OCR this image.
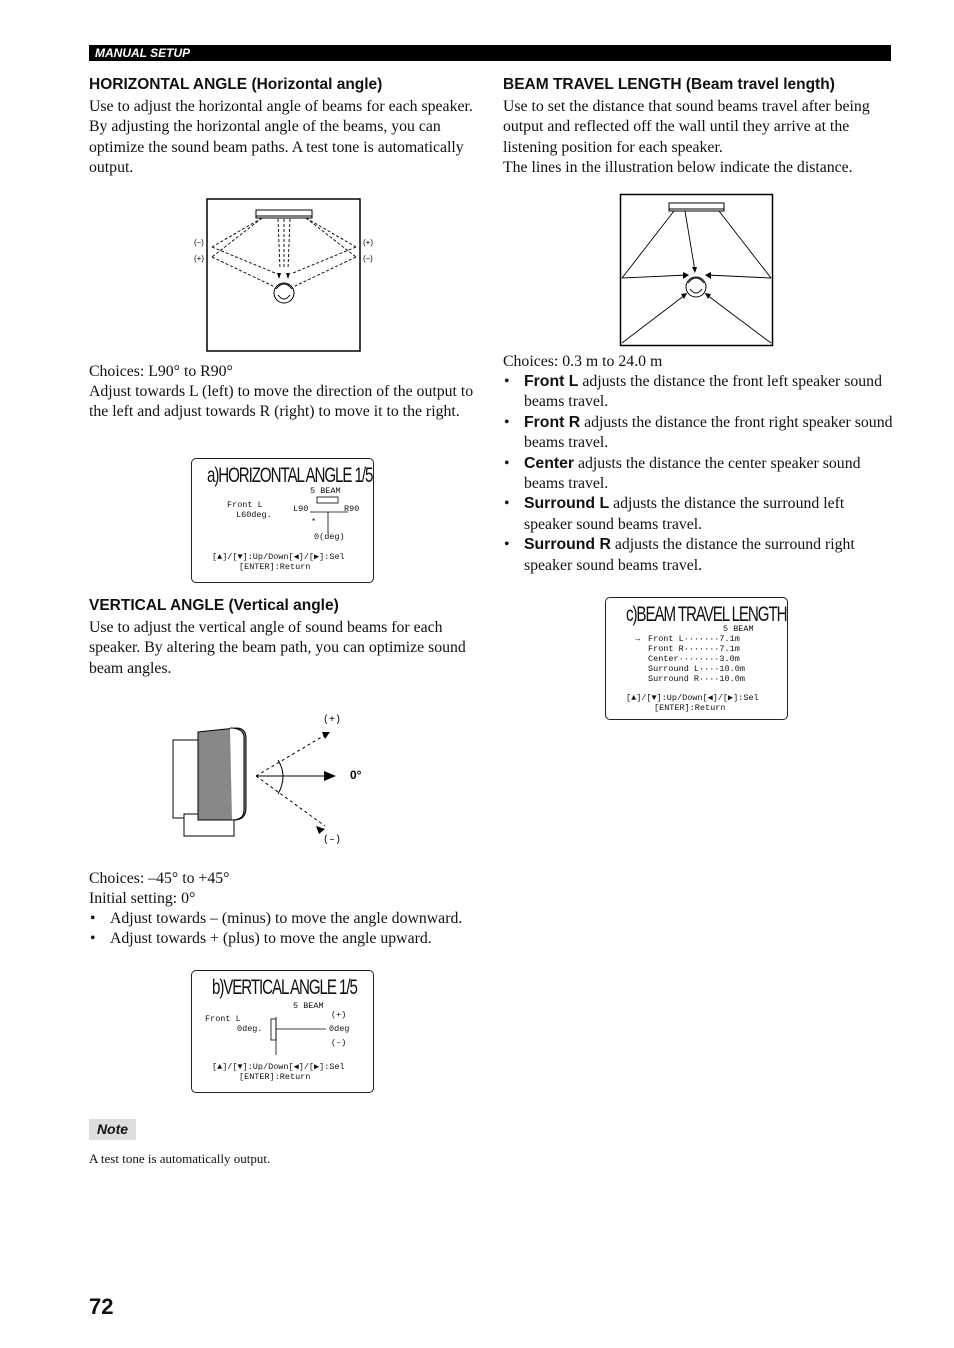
MANUAL SETUP
HORIZONTAL ANGLE (Horizontal angle)
Use to adjust the horizontal angle of beams for each speaker. By adjusting the horizontal angle of the beams, you can optimize the sound beam paths. A test tone is automatically output.
(–)
(+)
(+)
(–)
Choices: L90° to R90°
Adjust towards L (left) to move the direction of the output to the left and adjust towards R (right) to move it to the right.
a)HORIZONTAL ANGLE 1/5
5 BEAM
Front L
L60deg.
L90	R90
*
0(deg)
[▲]/[▼]:Up/Down[◀]/[▶]:Sel
[ENTER]:Return
VERTICAL ANGLE (Vertical angle)
Use to adjust the vertical angle of sound beams for each speaker. By altering the beam path, you can optimize sound beam angles.
(+)
0°
(–)
Choices: –45° to +45°
Initial setting: 0°
• Adjust towards – (minus) to move the angle downward.
• Adjust towards + (plus) to move the angle upward.
b)VERTICAL ANGLE 1/5
5 BEAM
Front L
0deg.
(+)
0deg
(–)
[▲]/[▼]:Up/Down[◀]/[▶]:Sel
[ENTER]:Return
Note
A test tone is automatically output.
BEAM TRAVEL LENGTH (Beam travel length)
Use to set the distance that sound beams travel after being output and reflected off the wall until they arrive at the listening position for each speaker.
The lines in the illustration below indicate the distance.
Choices: 0.3 m to 24.0 m
• Front L adjusts the distance the front left speaker sound beams travel.
• Front R adjusts the distance the front right speaker sound beams travel.
• Center adjusts the distance the center speaker sound beams travel.
• Surround L adjusts the distance the surround left speaker sound beams travel.
• Surround R adjusts the distance the surround right speaker sound beams travel.
c)BEAM TRAVEL LENGTH
5 BEAM
→ Front L·······7.1m
Front R·······7.1m
Center········3.0m
Surround L····10.0m
Surround R····10.0m
[▲]/[▼]:Up/Down[◀]/[▶]:Sel
[ENTER]:Return
72
